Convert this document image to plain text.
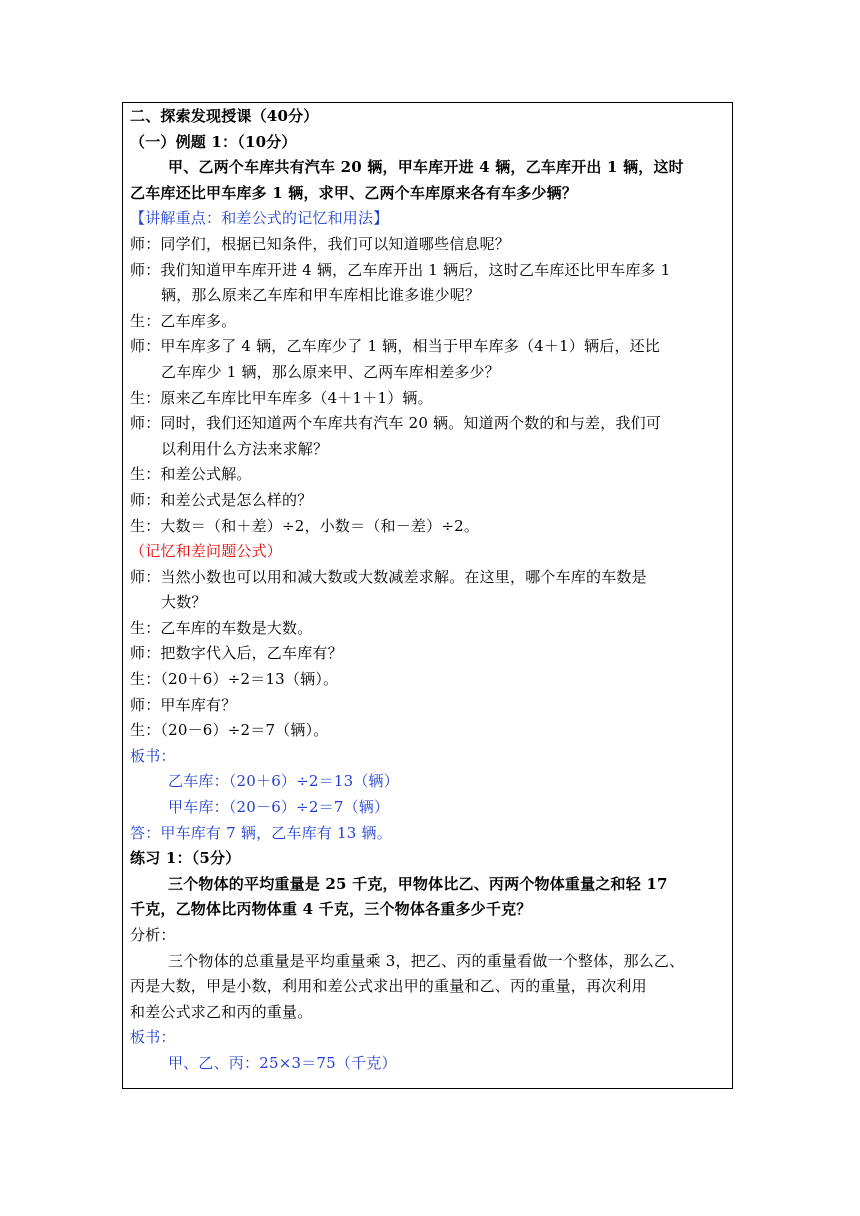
二、探索发现授课（40分）
（一）例题 1：（10分）
甲、乙两个车库共有汽车 20 辆，甲车库开进 4 辆，乙车库开出 1 辆，这时
乙车库还比甲车库多 1 辆，求甲、乙两个车库原来各有车多少辆？
【讲解重点：和差公式的记忆和用法】
师：同学们，根据已知条件，我们可以知道哪些信息呢？
师：我们知道甲车库开进 4 辆，乙车库开出 1 辆后，这时乙车库还比甲车库多 1
辆，那么原来乙车库和甲车库相比谁多谁少呢？
生：乙车库多。
师：甲车库多了 4 辆，乙车库少了 1 辆，相当于甲车库多（4＋1）辆后，还比
乙车库少 1 辆，那么原来甲、乙两车库相差多少？
生：原来乙车库比甲车库多（4＋1＋1）辆。
师：同时，我们还知道两个车库共有汽车 20 辆。知道两个数的和与差，我们可
以利用什么方法来求解？
生：和差公式解。
师：和差公式是怎么样的？
生：大数＝（和＋差）÷2，小数＝（和－差）÷2。
（记忆和差问题公式）
师：当然小数也可以用和减大数或大数减差求解。在这里，哪个车库的车数是
大数？
生：乙车库的车数是大数。
师：把数字代入后，乙车库有？
生：（20＋6）÷2＝13（辆）。
师：甲车库有？
生：（20－6）÷2＝7（辆）。
板书：
乙车库：（20＋6）÷2＝13（辆）
甲车库：（20－6）÷2＝7（辆）
答：甲车库有 7 辆，乙车库有 13 辆。
练习 1：（5分）
三个物体的平均重量是 25 千克，甲物体比乙、丙两个物体重量之和轻 17
千克，乙物体比丙物体重 4 千克，三个物体各重多少千克？
分析：
三个物体的总重量是平均重量乘 3，把乙、丙的重量看做一个整体，那么乙、
丙是大数，甲是小数，利用和差公式求出甲的重量和乙、丙的重量，再次利用
和差公式求乙和丙的重量。
板书：
甲、乙、丙：25×3＝75（千克）
